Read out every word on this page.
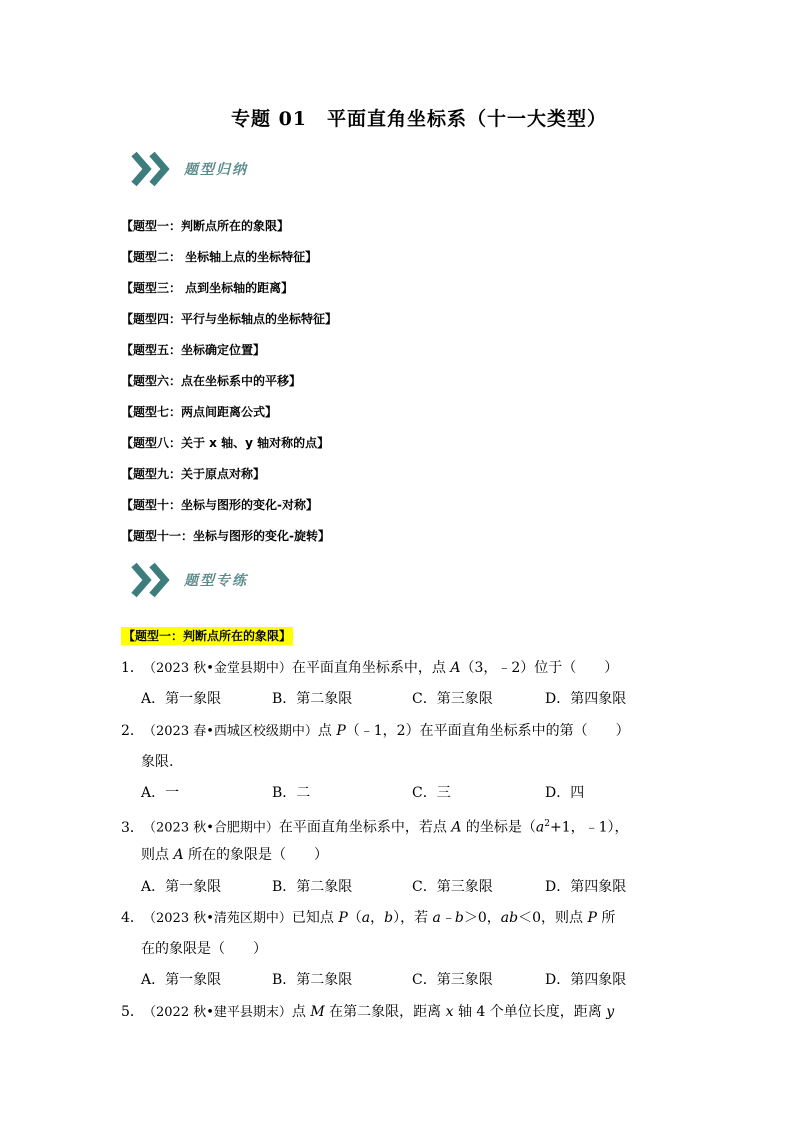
专题 01　平面直角坐标系（十一大类型）
题型归纳
【题型一：判断点所在的象限】
【题型二： 坐标轴上点的坐标特征】
【题型三： 点到坐标轴的距离】
【题型四：平行与坐标轴点的坐标特征】
【题型五：坐标确定位置】
【题型六：点在坐标系中的平移】
【题型七：两点间距离公式】
【题型八：关于 x 轴、y 轴对称的点】
【题型九：关于原点对称】
【题型十：坐标与图形的变化-对称】
【题型十一：坐标与图形的变化-旋转】
题型专练
【题型一：判断点所在的象限】
1．（2023 秋•金堂县期中）在平面直角坐标系中，点 A（3，﹣2）位于（　　）
A．第一象限	B．第二象限	C．第三象限	D．第四象限
2．（2023 春•西城区校级期中）点 P（﹣1，2）在平面直角坐标系中的第（　　）
象限.
A．一	B．二	C．三	D．四
3．（2023 秋•合肥期中）在平面直角坐标系中，若点 A 的坐标是（$a^2+1$，﹣1），
则点 A 所在的象限是（　　）
A．第一象限	B．第二象限	C．第三象限	D．第四象限
4．（2023 秋•清苑区期中）已知点 P（a，b），若 a﹣b＞0，ab＜0，则点 P 所
在的象限是（　　）
A．第一象限	B．第二象限	C．第三象限	D．第四象限
5．（2022 秋•建平县期末）点 M 在第二象限，距离 x 轴 4 个单位长度，距离 y
